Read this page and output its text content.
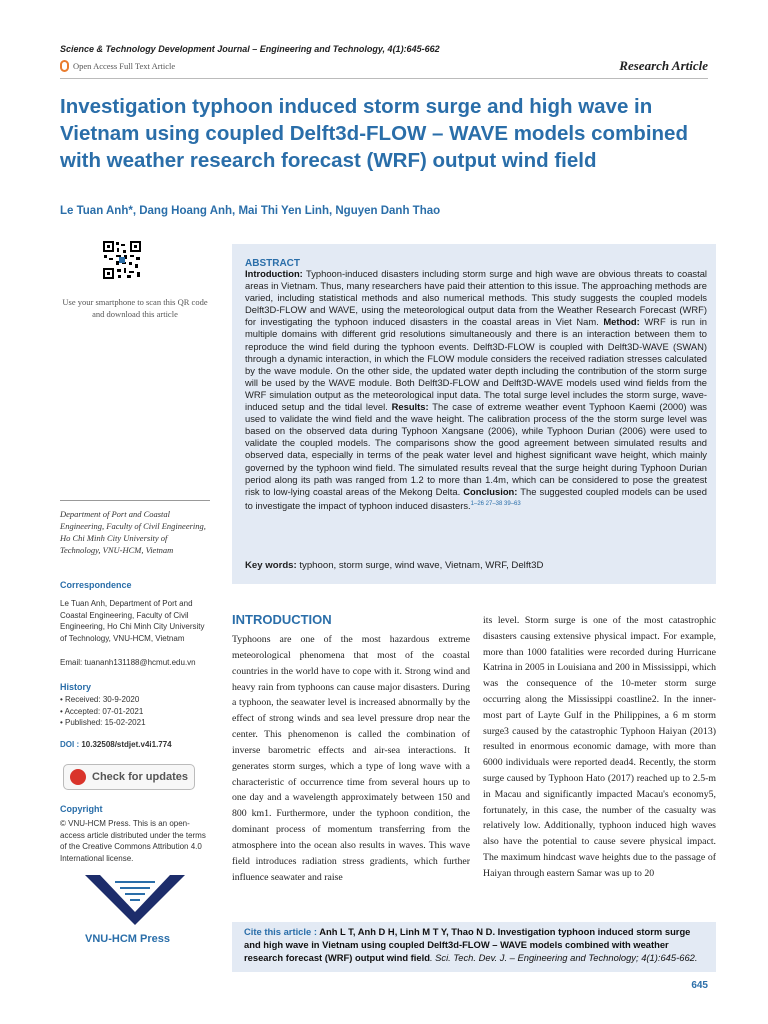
Science & Technology Development Journal – Engineering and Technology, 4(1):645-662
Open Access Full Text Article	Research Article
Investigation typhoon induced storm surge and high wave in Vietnam using coupled Delft3d-FLOW – WAVE models combined with weather research forecast (WRF) output wind field
Le Tuan Anh*, Dang Hoang Anh, Mai Thi Yen Linh, Nguyen Danh Thao
Use your smartphone to scan this QR code and download this article
ABSTRACT
Introduction: Typhoon-induced disasters including storm surge and high wave are obvious threats to coastal areas in Vietnam. Thus, many researchers have paid their attention to this issue. The approaching methods are varied, including statistical methods and also numerical methods. This study suggests the coupled models Delft3D-FLOW and WAVE, using the meteorological output data from the Weather Research Forecast (WRF) for investigating the typhoon induced disasters in the coastal areas in Viet Nam. Method: WRF is run in multiple domains with different grid resolutions simultaneously and there is an interaction between them to reproduce the wind field during the typhoon events. Delft3D-FLOW is coupled with Delft3D-WAVE (SWAN) through a dynamic interaction, in which the FLOW module considers the received radiation stresses calculated by the wave module. On the other side, the updated water depth including the contribution of the storm surge will be used by the WAVE module. Both Delft3D-FLOW and Delft3D-WAVE models used wind fields from the WRF simulation output as the meteorological input data. The total surge level includes the storm surge, wave-induced setup and the tidal level. Results: The case of extreme weather event Typhoon Kaemi (2000) was used to validate the wind field and the wave height. The calibration process of the the storm surge level was based on the observed data during Typhoon Xangsane (2006), while Typhoon Durian (2006) were used to validate the coupled models. The comparisons show the good agreement between simulated results and observed data, especially in terms of the peak water level and highest significant wave height, which mainly governed by the typhoon wind field. The simulated results reveal that the surge height during Typhoon Durian period along its path was ranged from 1.2 to more than 1.4m, which can be considered to pose the greatest risk to low-lying coastal areas of the Mekong Delta. Conclusion: The suggested coupled models can be used to investigate the impact of typhoon induced disasters.$^{1-26 27-38 39-63}$
Key words: typhoon, storm surge, wind wave, Vietnam, WRF, Delft3D
Department of Port and Coastal Engineering, Faculty of Civil Engineering, Ho Chi Minh City University of Technology, VNU-HCM, Vietnam
Correspondence
Le Tuan Anh, Department of Port and Coastal Engineering, Faculty of Civil Engineering, Ho Chi Minh City University of Technology, VNU-HCM, Vietnam
Email: tuananh131188@hcmut.edu.vn
History
• Received: 30-9-2020
• Accepted: 07-01-2021
• Published: 15-02-2021
DOI : 10.32508/stdjet.v4i1.774
Check for updates
Copyright
© VNU-HCM Press. This is an open-access article distributed under the terms of the Creative Commons Attribution 4.0 International license.
VNU-HCM Press
INTRODUCTION
Typhoons are one of the most hazardous extreme meteorological phenomena that most of the coastal countries in the world have to cope with it. Strong wind and heavy rain from typhoons can cause major disasters. During a typhoon, the seawater level is increased abnormally by the effect of strong winds and sea level pressure drop near the center. This phenomenon is called the combination of inverse barometric effects and air-sea interactions. It generates storm surges, which a type of long wave with a characteristic of occurrence time from several hours up to one day and a wavelength approximately between 150 and 800 km1. Furthermore, under the typhoon condition, the dominant process of momentum transferring from the atmosphere into the ocean also results in waves. This wave field introduces radiation stress gradients, which further influence seawater and raise
its level. Storm surge is one of the most catastrophic disasters causing extensive physical impact. For example, more than 1000 fatalities were recorded during Hurricane Katrina in 2005 in Louisiana and 200 in Mississippi, which was the consequence of the 10-meter storm surge occurring along the Mississippi coastline2. In the inner-most part of Layte Gulf in the Philippines, a 6 m storm surge3 caused by the catastrophic Typhoon Haiyan (2013) resulted in enormous economic damage, with more than 6000 individuals were reported dead4. Recently, the storm surge caused by Typhoon Hato (2017) reached up to 2.5-m in Macau and significantly impacted Macau's economy5, fortunately, in this case, the number of the casualty was relatively low. Additionally, typhoon induced high waves also have the potential to cause severe physical impact. The maximum hindcast wave heights due to the passage of Haiyan through eastern Samar was up to 20
Cite this article : Anh L T, Anh D H, Linh M T Y, Thao N D. Investigation typhoon induced storm surge and high wave in Vietnam using coupled Delft3d-FLOW – WAVE models combined with weather research forecast (WRF) output wind field. Sci. Tech. Dev. J. – Engineering and Technology; 4(1):645-662.
645
